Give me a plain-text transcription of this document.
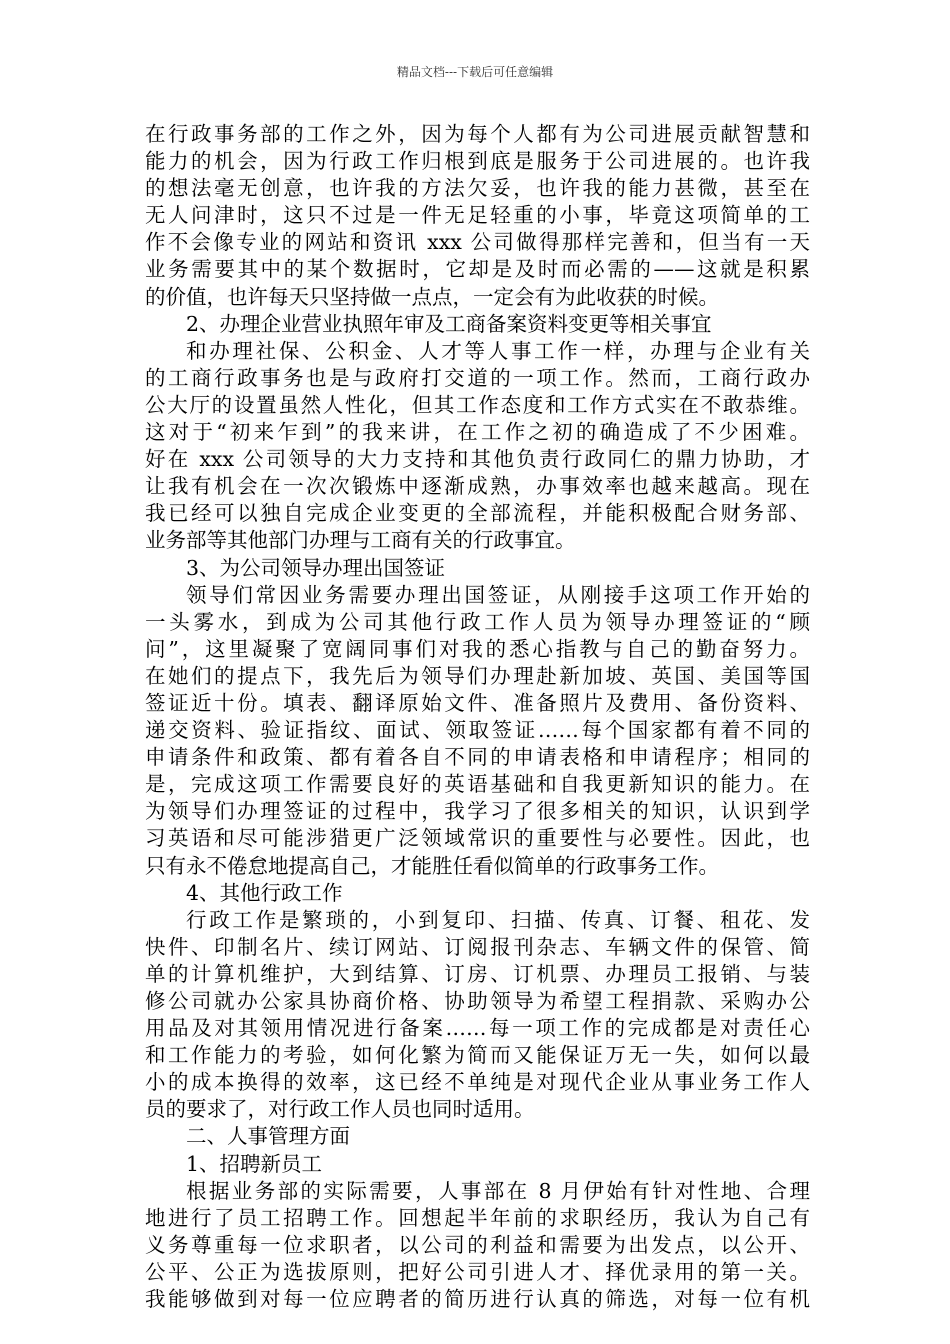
精品文档---下载后可任意编辑
在行政事务部的工作之外，因为每个人都有为公司进展贡献智慧和
能力的机会，因为行政工作归根到底是服务于公司进展的。也许我
的想法毫无创意，也许我的方法欠妥，也许我的能力甚微，甚至在
无人问津时，这只不过是一件无足轻重的小事，毕竟这项简单的工
作不会像专业的网站和资讯 xxx 公司做得那样完善和，但当有一天
业务需要其中的某个数据时，它却是及时而必需的——这就是积累
的价值，也许每天只坚持做一点点，一定会有为此收获的时候。
2、办理企业营业执照年审及工商备案资料变更等相关事宜
和办理社保、公积金、人才等人事工作一样，办理与企业有关
的工商行政事务也是与政府打交道的一项工作。然而，工商行政办
公大厅的设置虽然人性化，但其工作态度和工作方式实在不敢恭维。
这对于“初来乍到”的我来讲，在工作之初的确造成了不少困难。
好在 xxx 公司领导的大力支持和其他负责行政同仁的鼎力协助，才
让我有机会在一次次锻炼中逐渐成熟，办事效率也越来越高。现在
我已经可以独自完成企业变更的全部流程，并能积极配合财务部、
业务部等其他部门办理与工商有关的行政事宜。
3、为公司领导办理出国签证
领导们常因业务需要办理出国签证，从刚接手这项工作开始的
一头雾水，到成为公司其他行政工作人员为领导办理签证的“顾
问”，这里凝聚了宽阔同事们对我的悉心指教与自己的勤奋努力。
在她们的提点下，我先后为领导们办理赴新加坡、英国、美国等国
签证近十份。填表、翻译原始文件、准备照片及费用、备份资料、
递交资料、验证指纹、面试、领取签证……每个国家都有着不同的
申请条件和政策、都有着各自不同的申请表格和申请程序；相同的
是，完成这项工作需要良好的英语基础和自我更新知识的能力。在
为领导们办理签证的过程中，我学习了很多相关的知识，认识到学
习英语和尽可能涉猎更广泛领域常识的重要性与必要性。因此，也
只有永不倦怠地提高自己，才能胜任看似简单的行政事务工作。
4、其他行政工作
行政工作是繁琐的，小到复印、扫描、传真、订餐、租花、发
快件、印制名片、续订网站、订阅报刊杂志、车辆文件的保管、简
单的计算机维护，大到结算、订房、订机票、办理员工报销、与装
修公司就办公家具协商价格、协助领导为希望工程捐款、采购办公
用品及对其领用情况进行备案……每一项工作的完成都是对责任心
和工作能力的考验，如何化繁为简而又能保证万无一失，如何以最
小的成本换得的效率，这已经不单纯是对现代企业从事业务工作人
员的要求了，对行政工作人员也同时适用。
二、人事管理方面
1、招聘新员工
根据业务部的实际需要，人事部在 8 月伊始有针对性地、合理
地进行了员工招聘工作。回想起半年前的求职经历，我认为自己有
义务尊重每一位求职者，以公司的利益和需要为出发点，以公开、
公平、公正为选拔原则，把好公司引进人才、择优录用的第一关。
我能够做到对每一位应聘者的简历进行认真的筛选，对每一位有机
